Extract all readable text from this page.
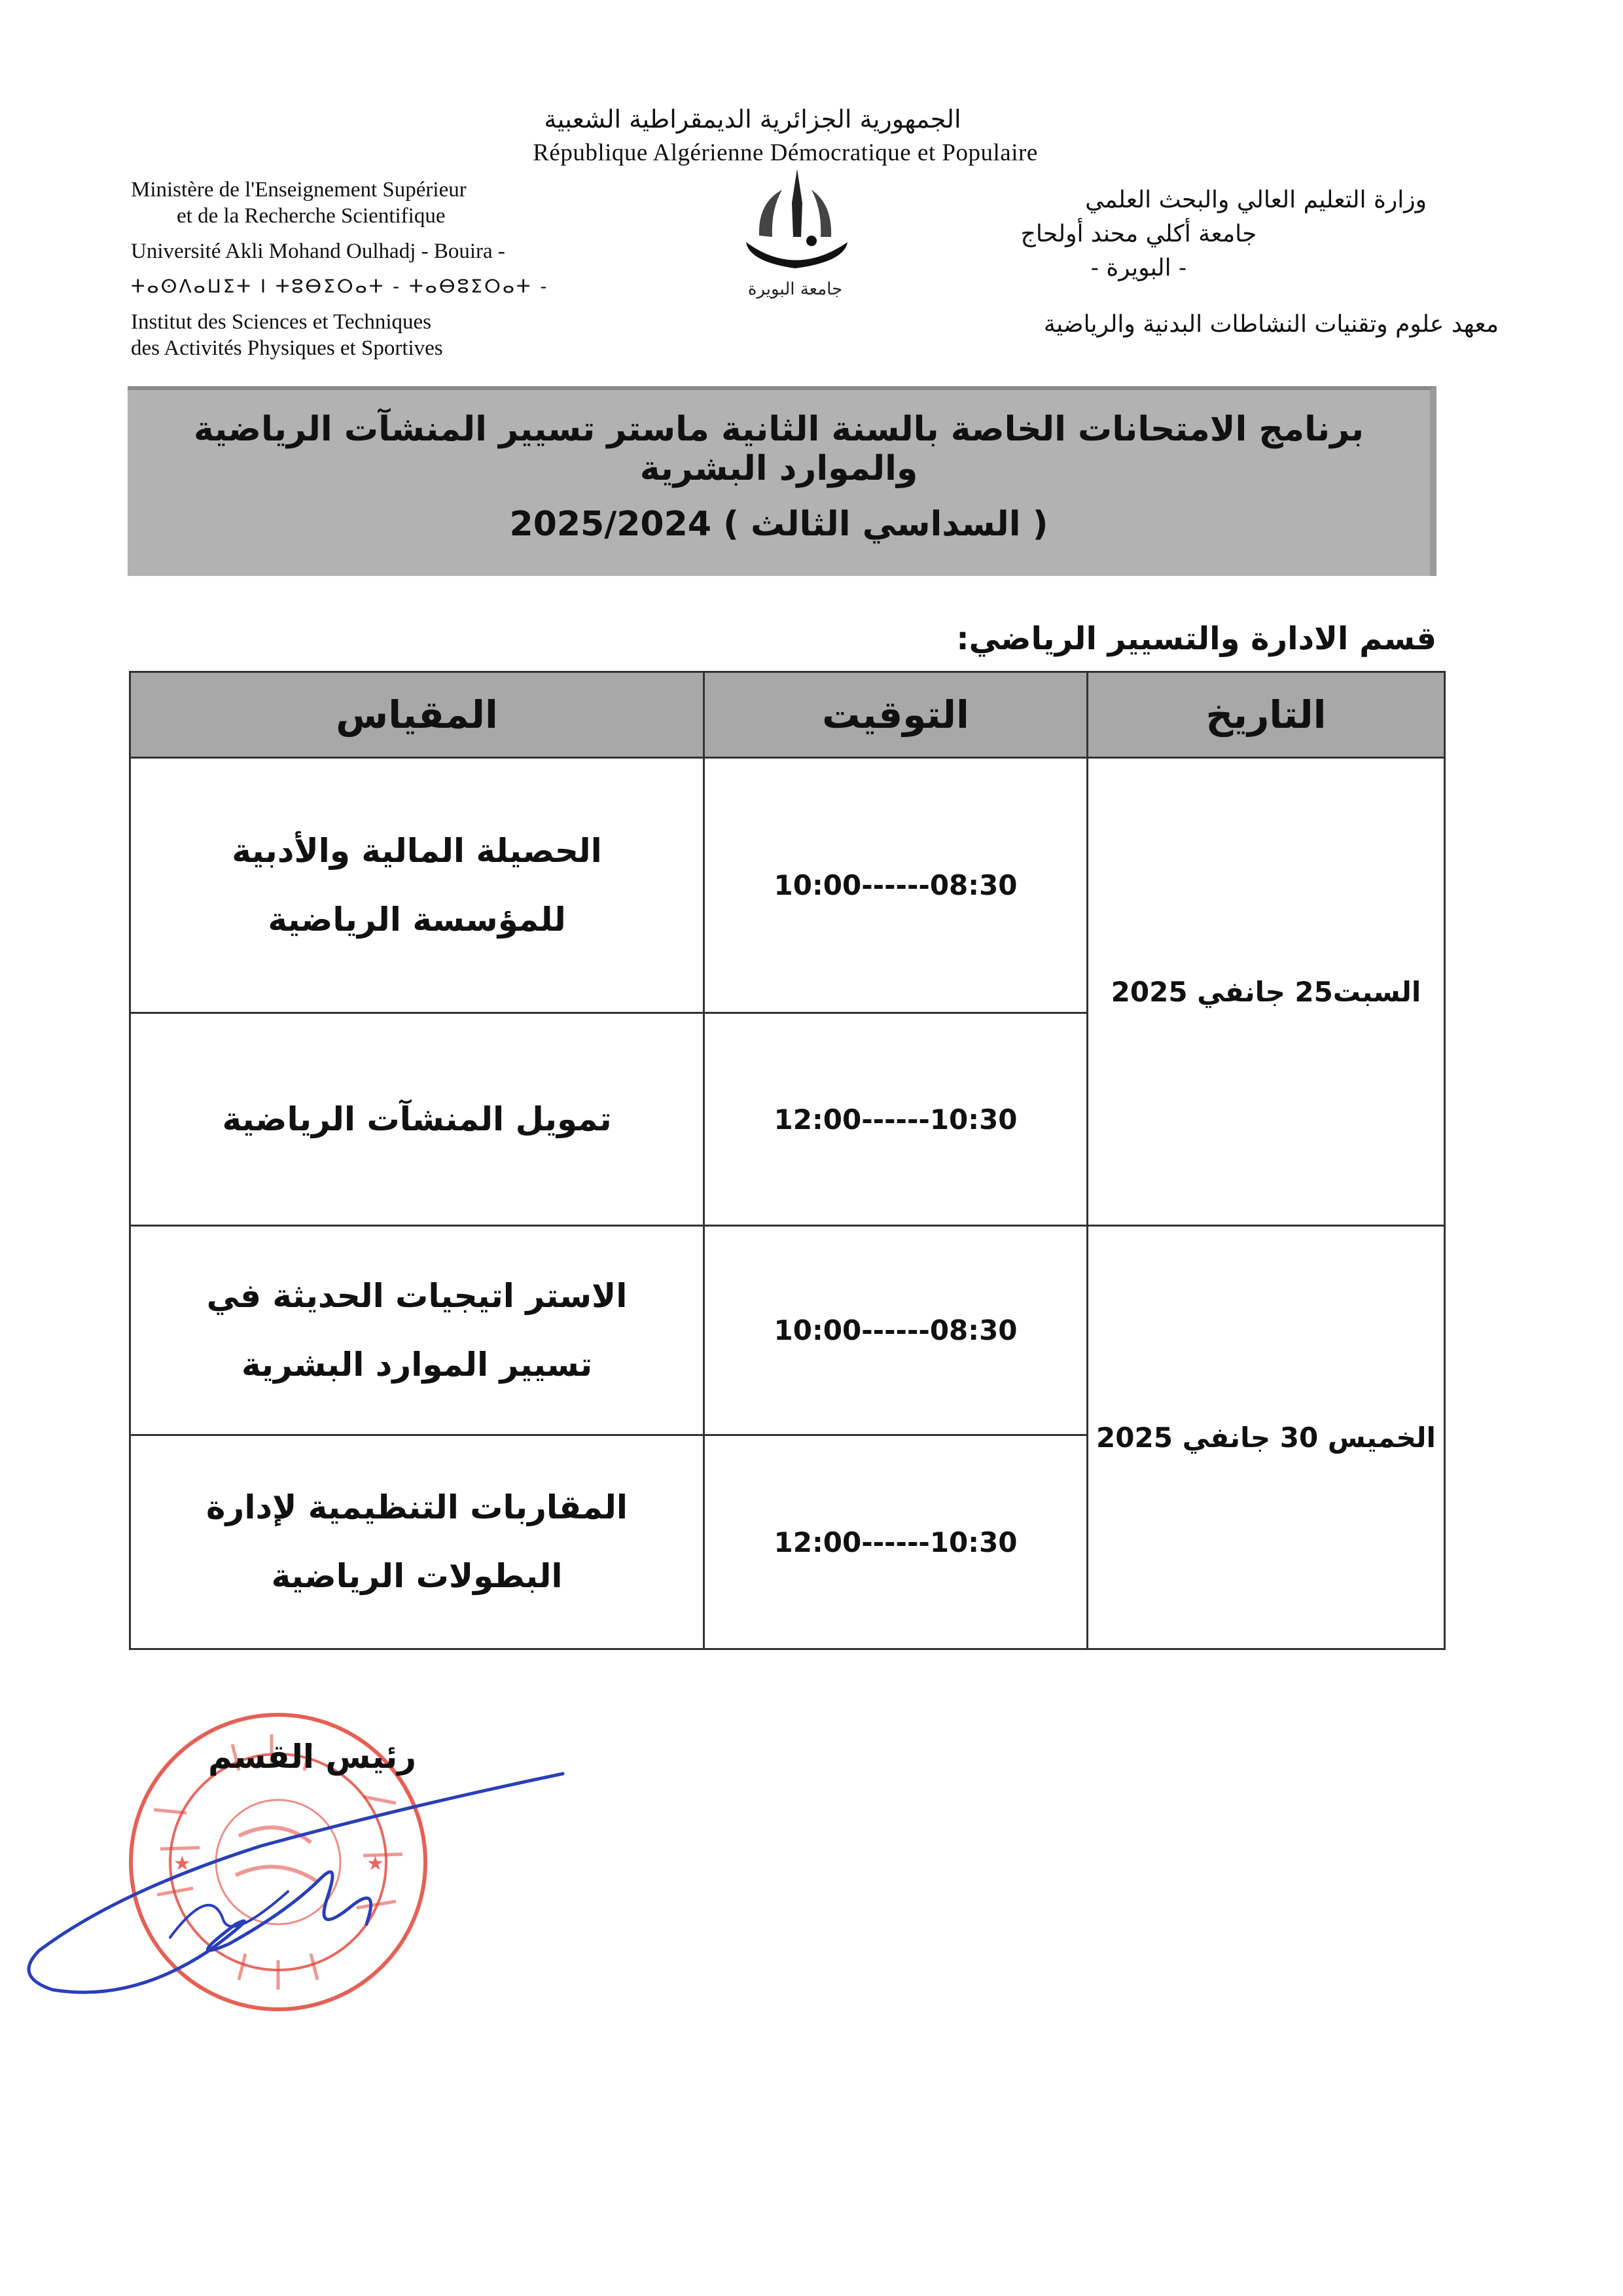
الجمهورية الجزائرية الديمقراطية الشعبية
République Algérienne Démocratique et Populaire
Ministère de l'Enseignement Supérieur
et de la Recherche Scientifique
Université Akli Mohand Oulhadj - Bouira -
ⵜⴰⵙⴷⴰⵡⵉⵜ ⵏ ⵜⵓⴱⵉⵔⴰⵜ - ⵜⴰⴱⵓⵉⵔⴰⵜ -
Institut des Sciences et Techniques
des Activités Physiques et Sportives
وزارة التعليم العالي والبحث العلمي
جامعة أكلي محند أولحاج
- البويرة -
معهد علوم وتقنيات النشاطات البدنية والرياضية
جامعة البويرة
برنامج الامتحانات الخاصة بالسنة الثانية ماستر تسيير المنشآت الرياضية والموارد البشرية
( السداسي الثالث ) 2025/2024
قسم الادارة والتسيير الرياضي:
التاريخ	التوقيت	المقياس
السبت25 جانفي 2025	10:00------08:30	الحصيلة المالية والأدبية للمؤسسة الرياضية
	12:00------10:30	تمويل المنشآت الرياضية
الخميس 30 جانفي 2025	10:00------08:30	الاستر اتيجيات الحديثة في تسيير الموارد البشرية
	12:00------10:30	المقاربات التنظيمية لإدارة البطولات الرياضية
★	★
رئيس القسم
